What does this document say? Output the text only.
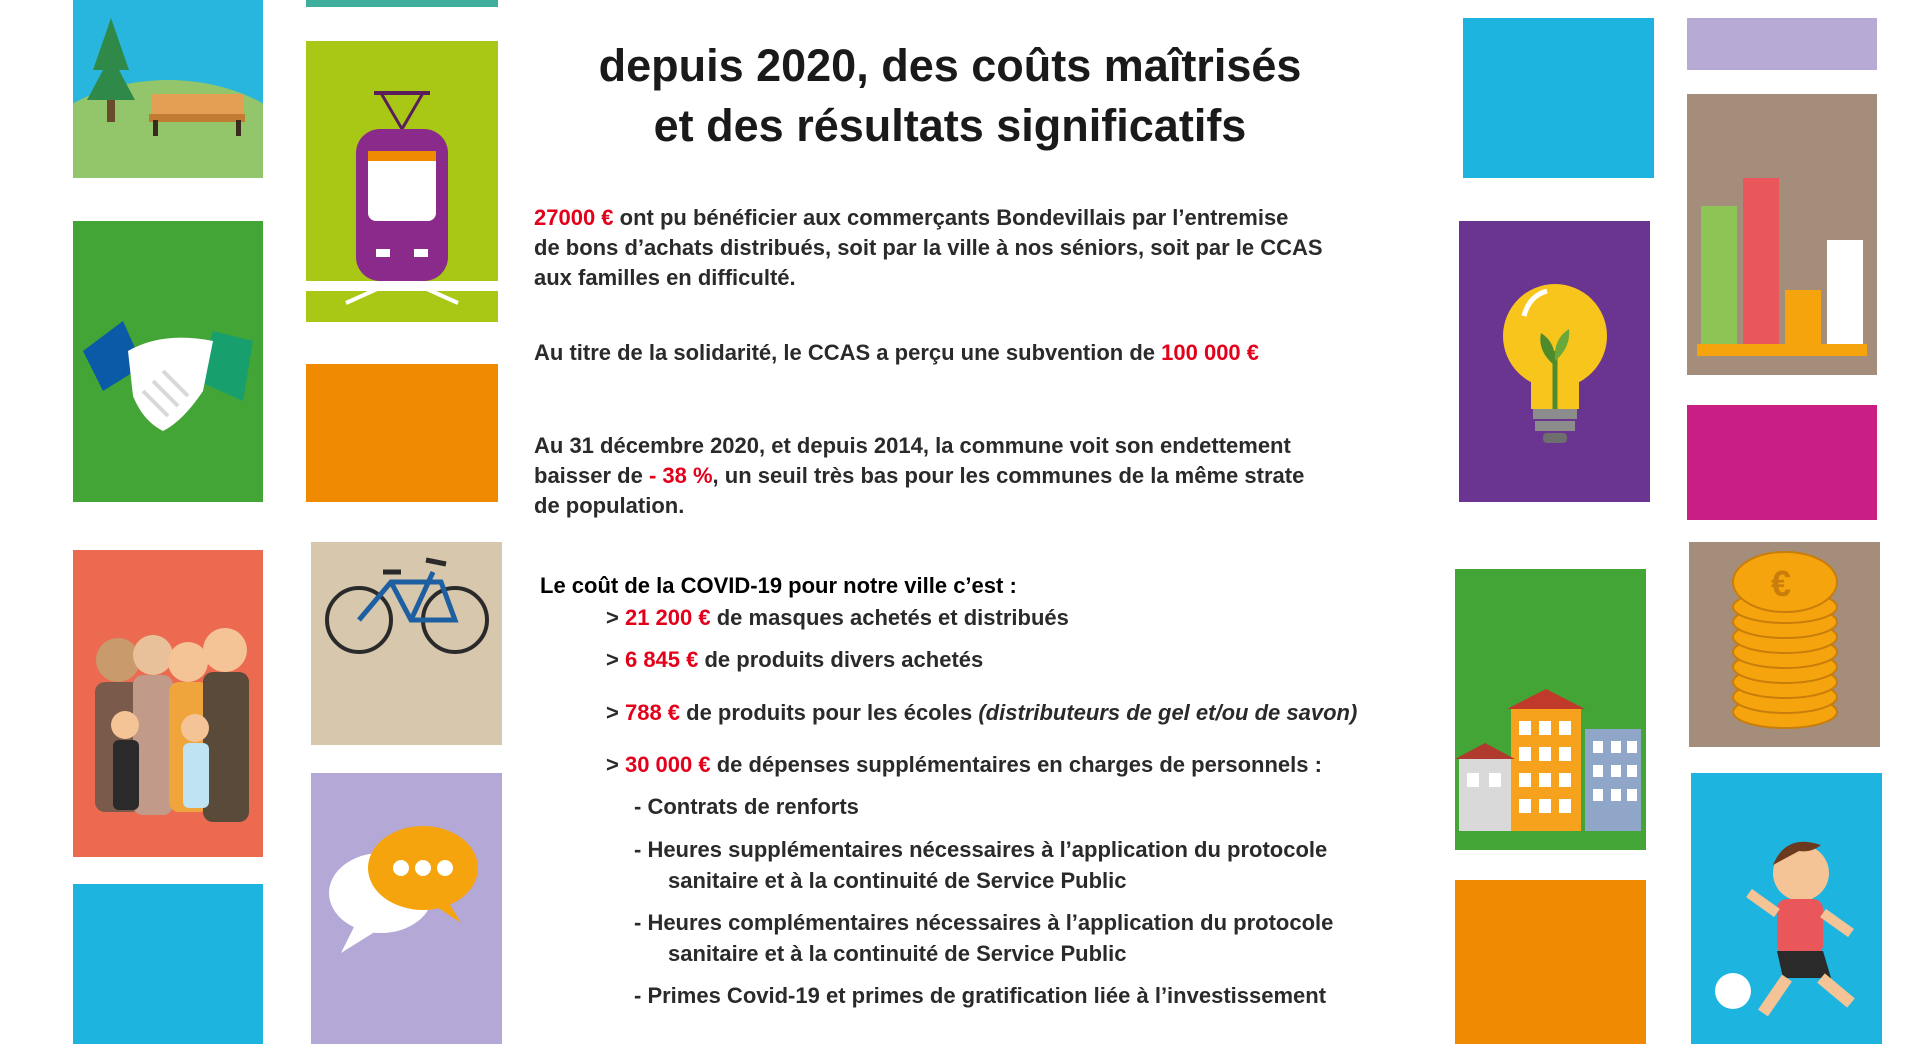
€
depuis 2020, des coûts maîtrisés
et des résultats significatifs
27000 € ont pu bénéficier aux commerçants Bondevillais par l’entremise
de bons d’achats distribués, soit par la ville à nos séniors, soit par le CCAS
aux familles en difficulté.
Au titre de la solidarité, le CCAS a perçu une subvention de 100 000 €
Au 31 décembre 2020, et depuis 2014, la commune voit son endettement
baisser de - 38 %, un seuil très bas pour les communes de la même strate
de population.
Le coût de la COVID-19 pour notre ville c’est :
> 21 200 € de masques achetés et distribués
> 6 845 € de produits divers achetés
> 788 € de produits pour les écoles (distributeurs de gel et/ou de savon)
> 30 000 € de dépenses supplémentaires en charges de personnels :
- Contrats de renforts
- Heures supplémentaires nécessaires à l’application du protocole
sanitaire et à la continuité de Service Public
- Heures complémentaires nécessaires à l’application du protocole
sanitaire et à la continuité de Service Public
- Primes Covid-19 et primes de gratification liée à l’investissement
